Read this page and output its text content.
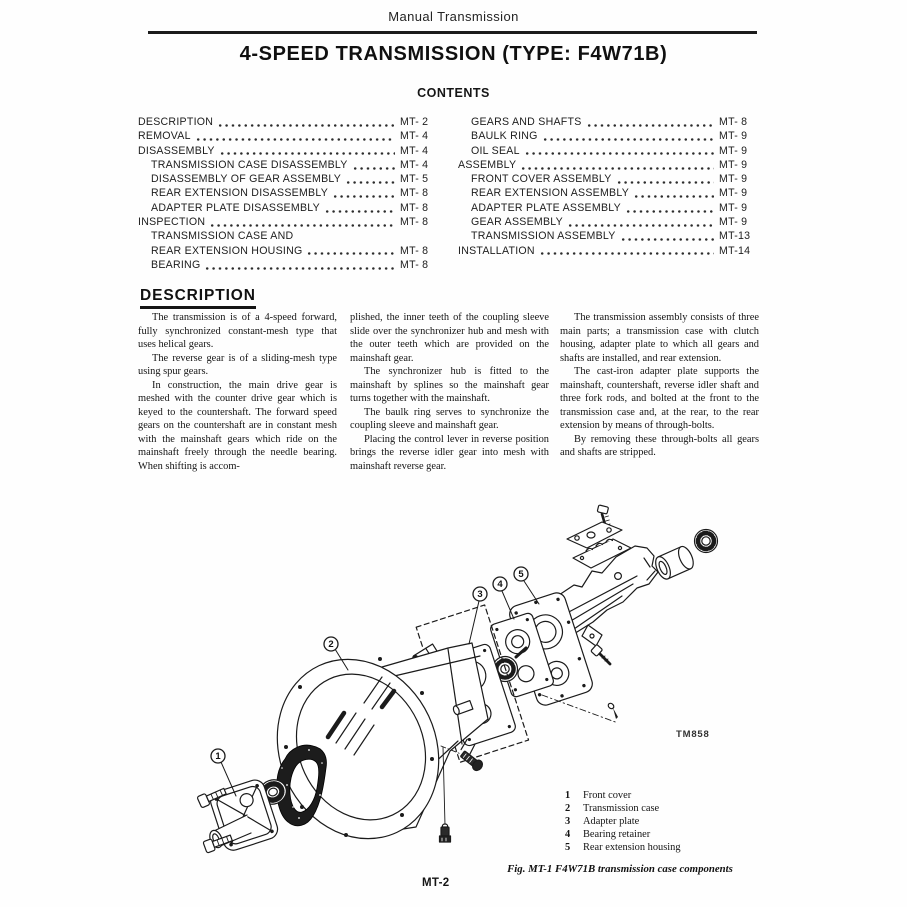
Manual Transmission
4-SPEED TRANSMISSION (TYPE: F4W71B)
CONTENTS
DESCRIPTION	MT- 2
REMOVAL	MT- 4
DISASSEMBLY	MT- 4
TRANSMISSION CASE DISASSEMBLY	MT- 4
DISASSEMBLY OF GEAR ASSEMBLY	MT- 5
REAR EXTENSION DISASSEMBLY	MT- 8
ADAPTER PLATE DISASSEMBLY	MT- 8
INSPECTION	MT- 8
TRANSMISSION CASE AND
REAR EXTENSION HOUSING	MT- 8
BEARING	MT- 8
GEARS AND SHAFTS	MT- 8
BAULK RING	MT- 9
OIL SEAL	MT- 9
ASSEMBLY	MT- 9
FRONT COVER ASSEMBLY	MT- 9
REAR EXTENSION ASSEMBLY	MT- 9
ADAPTER PLATE ASSEMBLY	MT- 9
GEAR ASSEMBLY	MT- 9
TRANSMISSION ASSEMBLY	MT-13
INSTALLATION	MT-14
DESCRIPTION

The transmission is of a 4-speed forward, fully synchronized constant-mesh type that uses helical gears.

The reverse gear is of a sliding-mesh type using spur gears.

In construction, the main drive gear is meshed with the counter drive gear which is keyed to the countershaft. The forward speed gears on the countershaft are in constant mesh with the mainshaft gears which ride on the mainshaft freely through the needle bearing. When shifting is accom-

plished, the inner teeth of the coupling sleeve slide over the synchronizer hub and mesh with the outer teeth which are provided on the mainshaft gear.

The synchronizer hub is fitted to the mainshaft by splines so the mainshaft gear turns together with the mainshaft.

The baulk ring serves to synchronize the coupling sleeve and mainshaft gear.

Placing the control lever in reverse position brings the reverse idler gear into mesh with mainshaft reverse gear.

The transmission assembly consists of three main parts; a transmission case with clutch housing, adapter plate to which all gears and shafts are installed, and rear extension.

The cast-iron adapter plate supports the mainshaft, countershaft, reverse idler shaft and three fork rods, and bolted at the front to the transmission case and, at the rear, to the rear extension by means of through-bolts.

By removing these through-bolts all gears and shafts are stripped.

1
2
3
4
5
TM858
1	Front cover
2	Transmission case
3	Adapter plate
4	Bearing retainer
5	Rear extension housing
Fig. MT-1 F4W71B transmission case components
MT-2
